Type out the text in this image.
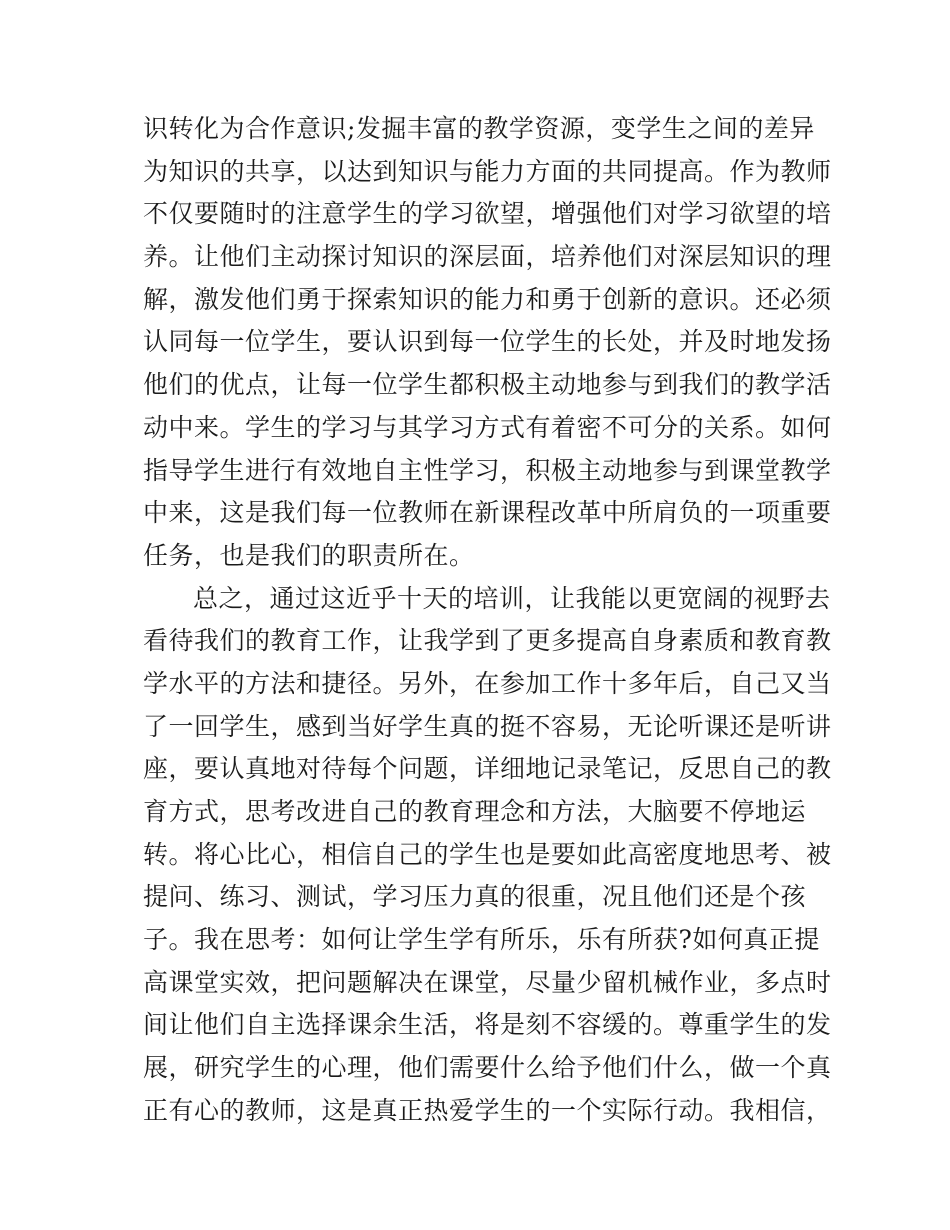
识转化为合作意识;发掘丰富的教学资源，变学生之间的差异
为知识的共享，以达到知识与能力方面的共同提高。作为教师
不仅要随时的注意学生的学习欲望，增强他们对学习欲望的培
养。让他们主动探讨知识的深层面，培养他们对深层知识的理
解，激发他们勇于探索知识的能力和勇于创新的意识。还必须
认同每一位学生，要认识到每一位学生的长处，并及时地发扬
他们的优点，让每一位学生都积极主动地参与到我们的教学活
动中来。学生的学习与其学习方式有着密不可分的关系。如何
指导学生进行有效地自主性学习，积极主动地参与到课堂教学
中来，这是我们每一位教师在新课程改革中所肩负的一项重要
任务，也是我们的职责所在。
总之，通过这近乎十天的培训，让我能以更宽阔的视野去
看待我们的教育工作，让我学到了更多提高自身素质和教育教
学水平的方法和捷径。另外，在参加工作十多年后，自己又当
了一回学生，感到当好学生真的挺不容易，无论听课还是听讲
座，要认真地对待每个问题，详细地记录笔记，反思自己的教
育方式，思考改进自己的教育理念和方法，大脑要不停地运
转。将心比心，相信自己的学生也是要如此高密度地思考、被
提问、练习、测试，学习压力真的很重，况且他们还是个孩
子。我在思考：如何让学生学有所乐，乐有所获?如何真正提
高课堂实效，把问题解决在课堂，尽量少留机械作业，多点时
间让他们自主选择课余生活，将是刻不容缓的。尊重学生的发
展，研究学生的心理，他们需要什么给予他们什么，做一个真
正有心的教师，这是真正热爱学生的一个实际行动。我相信，
